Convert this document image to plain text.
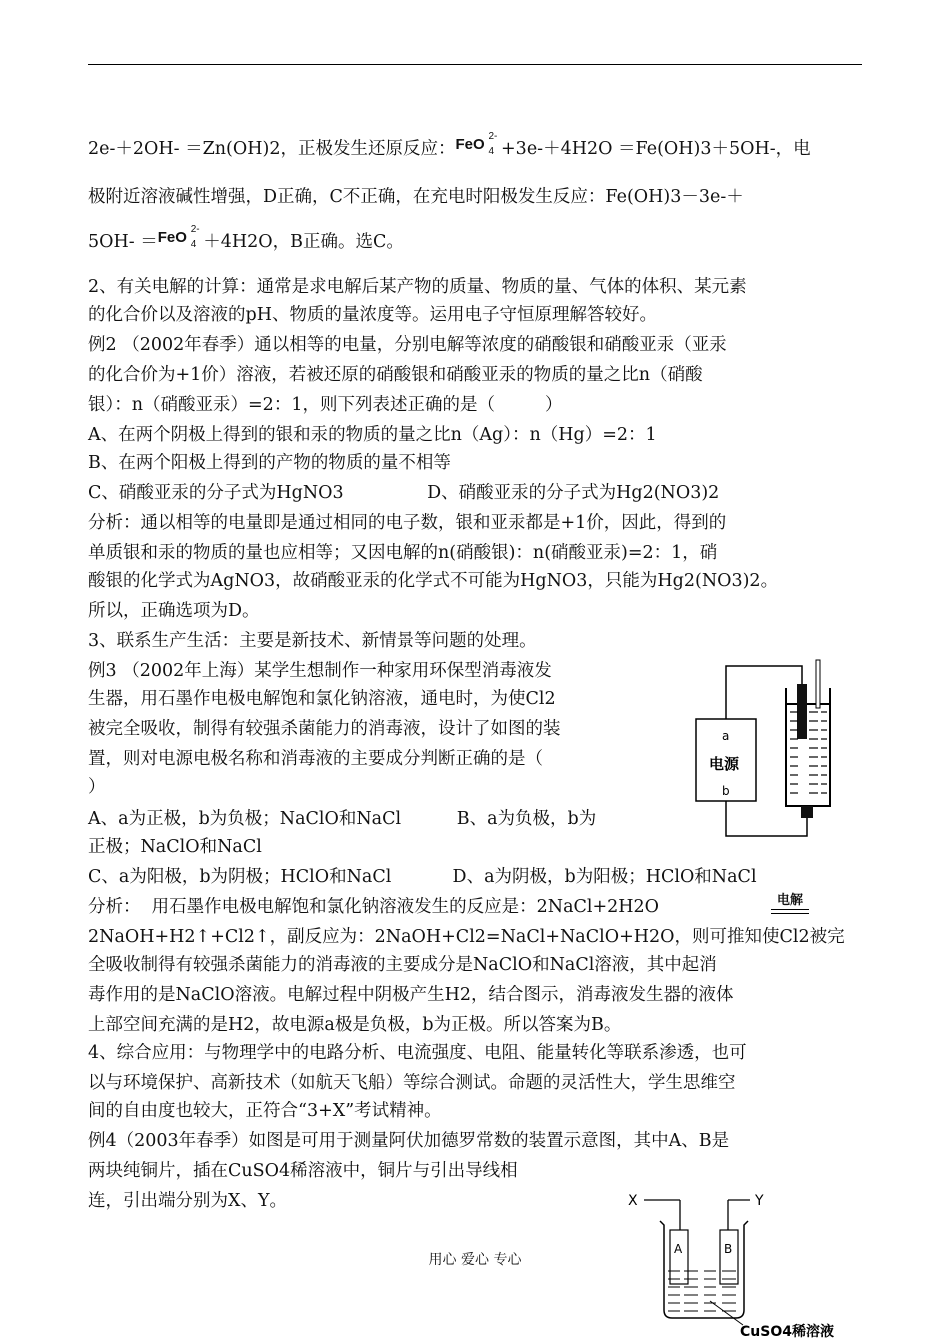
2e-＋2OH- ＝Zn(OH)2，正极发生还原反应： FeO 2-
4 +3e-＋4H2O ＝Fe(OH)3＋5OH-，电
极附近溶液碱性增强，D正确，C不正确，在充电时阳极发生反应：Fe(OH)3－3e-＋
5OH- ＝ FeO 2-
4 ＋4H2O，B正确。选C。
2、有关电解的计算：通常是求电解后某产物的质量、物质的量、气体的体积、某元素
的化合价以及溶液的pH、物质的量浓度等。运用电子守恒原理解答较好。
例2 （2002年春季）通以相等的电量，分别电解等浓度的硝酸银和硝酸亚汞（亚汞
的化合价为+1价）溶液，若被还原的硝酸银和硝酸亚汞的物质的量之比n（硝酸
银）：n（硝酸亚汞）=2：1，则下列表述正确的是（         ）
A、在两个阴极上得到的银和汞的物质的量之比n（Ag）：n（Hg）=2：1
B、在两个阳极上得到的产物的物质的量不相等
C、硝酸亚汞的分子式为HgNO3               D、硝酸亚汞的分子式为Hg2(NO3)2
分析：通以相等的电量即是通过相同的电子数，银和亚汞都是+1价，因此，得到的
单质银和汞的物质的量也应相等；又因电解的n(硝酸银)：n(硝酸亚汞)=2：1，硝
酸银的化学式为AgNO3，故硝酸亚汞的化学式不可能为HgNO3，只能为Hg2(NO3)2。
所以，正确选项为D。
3、联系生产生活：主要是新技术、新情景等问题的处理。
例3 （2002年上海）某学生想制作一种家用环保型消毒液发
生器，用石墨作电极电解饱和氯化钠溶液，通电时，为使Cl2
被完全吸收，制得有较强杀菌能力的消毒液，设计了如图的装
置，则对电源电极名称和消毒液的主要成分判断正确的是（
）
A、a为正极，b为负极；NaClO和NaCl          B、a为负极，b为
正极；NaClO和NaCl
C、a为阳极，b为阴极；HClO和NaCl           D、a为阴极，b为阳极；HClO和NaCl
分析：  用石墨作电极电解饱和氯化钠溶液发生的反应是：2NaCl+2H2O
2NaOH+H2↑+Cl2↑，副反应为：2NaOH+Cl2=NaCl+NaClO+H2O，则可推知使Cl2被完
全吸收制得有较强杀菌能力的消毒液的主要成分是NaClO和NaCl溶液，其中起消
毒作用的是NaClO溶液。电解过程中阴极产生H2，结合图示，消毒液发生器的液体
上部空间充满的是H2，故电源a极是负极，b为正极。所以答案为B。
4、综合应用：与物理学中的电路分析、电流强度、电阻、能量转化等联系渗透，也可
以与环境保护、高新技术（如航天飞船）等综合测试。命题的灵活性大，学生思维空
间的自由度也较大，正符合“3+X”考试精神。
例4（2003年春季）如图是可用于测量阿伏加德罗常数的装置示意图，其中A、B是
两块纯铜片，插在CuSO4稀溶液中，铜片与引出导线相
连，引出端分别为X、Y。
电解
a
电源
b
X	Y
A	B
CuSO4稀溶液
用心 爱心 专心
